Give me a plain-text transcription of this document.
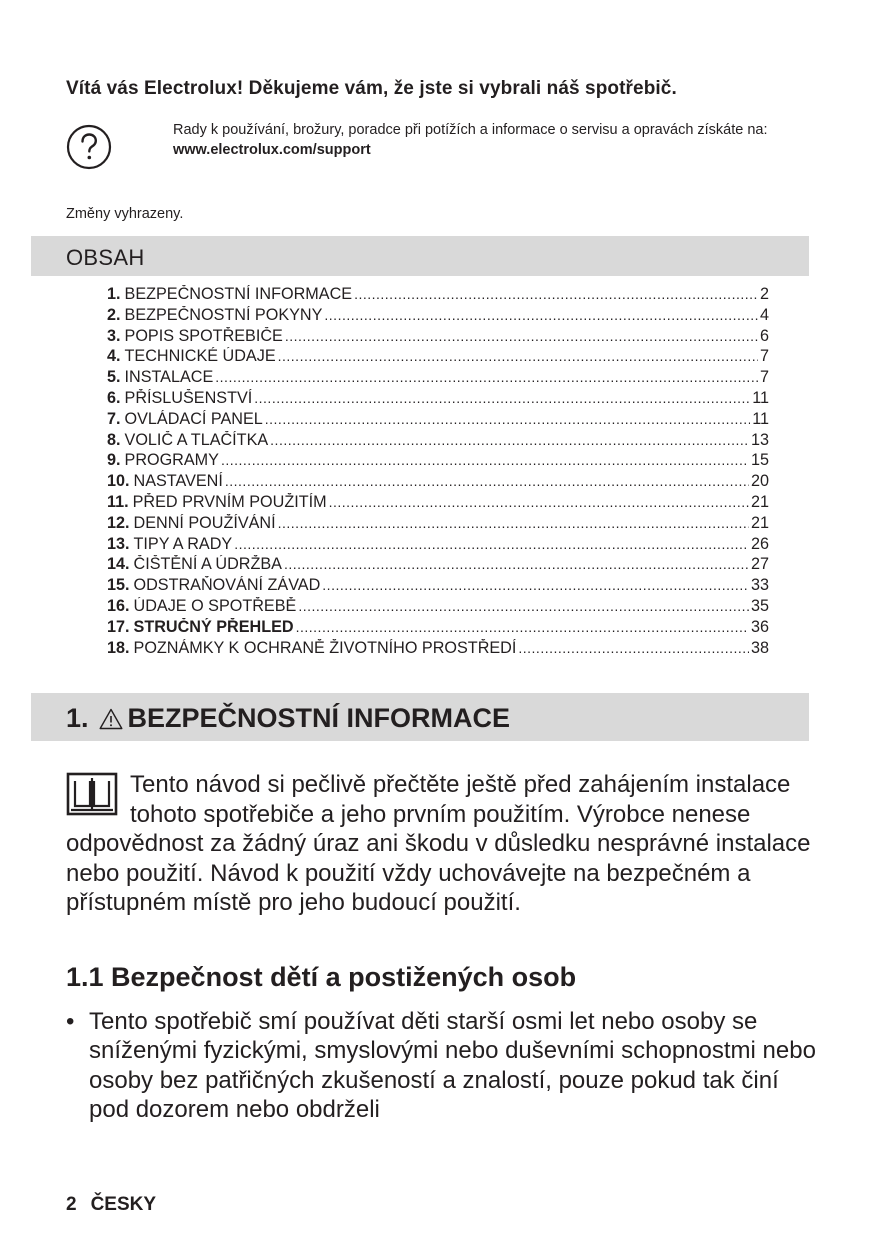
Vítá vás Electrolux! Děkujeme vám, že jste si vybrali náš spotřebič.
Rady k používání, brožury, poradce při potížích a informace o servisu a opravách získáte na:
www.electrolux.com/support
Změny vyhrazeny.
OBSAH
1. BEZPEČNOSTNÍ INFORMACE .....	2
2. BEZPEČNOSTNÍ POKYNY .....	4
3. POPIS SPOTŘEBIČE .....	6
4. TECHNICKÉ ÚDAJE .....	7
5. INSTALACE .....	7
6. PŘÍSLUŠENSTVÍ .....	11
7. OVLÁDACÍ PANEL .....	11
8. VOLIČ A TLAČÍTKA .....	13
9. PROGRAMY .....	15
10. NASTAVENÍ .....	20
11. PŘED PRVNÍM POUŽITÍM .....	21
12. DENNÍ POUŽÍVÁNÍ .....	21
13. TIPY A RADY .....	26
14. ČIŠTĚNÍ A ÚDRŽBA .....	27
15. ODSTRAŇOVÁNÍ ZÁVAD .....	33
16. ÚDAJE O SPOTŘEBĚ .....	35
17. STRUČNÝ PŘEHLED .....	36
18. POZNÁMKY K OCHRANĚ ŽIVOTNÍHO PROSTŘEDÍ .....	38
1. BEZPEČNOSTNÍ INFORMACE
Tento návod si pečlivě přečtěte ještě před zahájením instalace tohoto spotřebiče a jeho prvním použitím. Výrobce nenese odpovědnost za žádný úraz ani škodu v důsledku nesprávné instalace nebo použití. Návod k použití vždy uchovávejte na bezpečném a přístupném místě pro jeho budoucí použití.
1.1 Bezpečnost dětí a postižených osob
• Tento spotřebič smí používat děti starší osmi let nebo osoby se sníženými fyzickými, smyslovými nebo duševními schopnostmi nebo osoby bez patřičných zkušeností a znalostí, pouze pokud tak činí pod dozorem nebo obdrželi
2 ČESKY
